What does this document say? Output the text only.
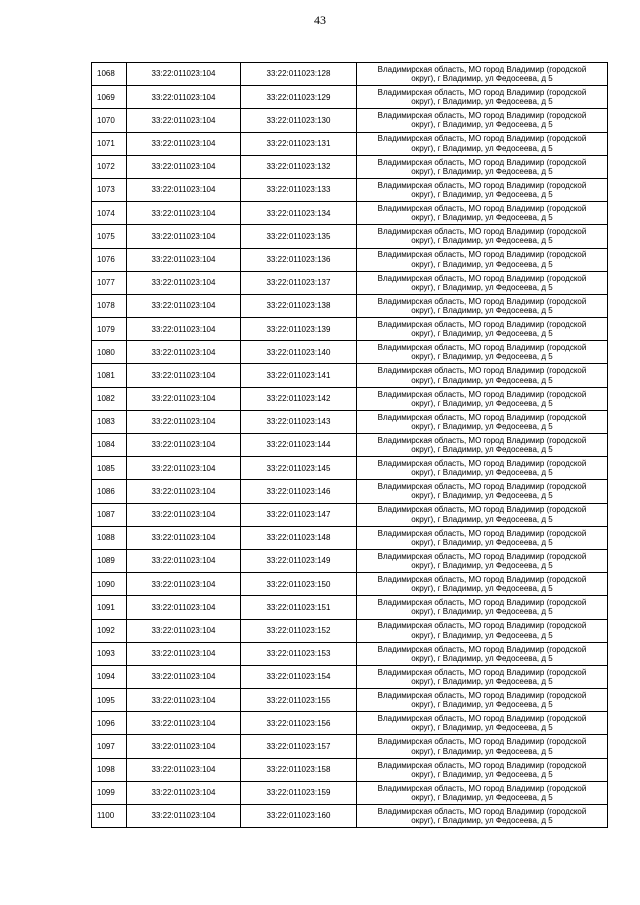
43
1068	33:22:011023:104	33:22:011023:128	Владимирская область, МО город Владимир (городской
округ), г Владимир, ул Федосеева, д 5

1069	33:22:011023:104	33:22:011023:129	Владимирская область, МО город Владимир (городской
округ), г Владимир, ул Федосеева, д 5

1070	33:22:011023:104	33:22:011023:130	Владимирская область, МО город Владимир (городской
округ), г Владимир, ул Федосеева, д 5

1071	33:22:011023:104	33:22:011023:131	Владимирская область, МО город Владимир (городской
округ), г Владимир, ул Федосеева, д 5

1072	33:22:011023:104	33:22:011023:132	Владимирская область, МО город Владимир (городской
округ), г Владимир, ул Федосеева, д 5

1073	33:22:011023:104	33:22:011023:133	Владимирская область, МО город Владимир (городской
округ), г Владимир, ул Федосеева, д 5

1074	33:22:011023:104	33:22:011023:134	Владимирская область, МО город Владимир (городской
округ), г Владимир, ул Федосеева, д 5

1075	33:22:011023:104	33:22:011023:135	Владимирская область, МО город Владимир (городской
округ), г Владимир, ул Федосеева, д 5

1076	33:22:011023:104	33:22:011023:136	Владимирская область, МО город Владимир (городской
округ), г Владимир, ул Федосеева, д 5

1077	33:22:011023:104	33:22:011023:137	Владимирская область, МО город Владимир (городской
округ), г Владимир, ул Федосеева, д 5

1078	33:22:011023:104	33:22:011023:138	Владимирская область, МО город Владимир (городской
округ), г Владимир, ул Федосеева, д 5

1079	33:22:011023:104	33:22:011023:139	Владимирская область, МО город Владимир (городской
округ), г Владимир, ул Федосеева, д 5

1080	33:22:011023:104	33:22:011023:140	Владимирская область, МО город Владимир (городской
округ), г Владимир, ул Федосеева, д 5

1081	33:22:011023:104	33:22:011023:141	Владимирская область, МО город Владимир (городской
округ), г Владимир, ул Федосеева, д 5

1082	33:22:011023:104	33:22:011023:142	Владимирская область, МО город Владимир (городской
округ), г Владимир, ул Федосеева, д 5

1083	33:22:011023:104	33:22:011023:143	Владимирская область, МО город Владимир (городской
округ), г Владимир, ул Федосеева, д 5

1084	33:22:011023:104	33:22:011023:144	Владимирская область, МО город Владимир (городской
округ), г Владимир, ул Федосеева, д 5

1085	33:22:011023:104	33:22:011023:145	Владимирская область, МО город Владимир (городской
округ), г Владимир, ул Федосеева, д 5

1086	33:22:011023:104	33:22:011023:146	Владимирская область, МО город Владимир (городской
округ), г Владимир, ул Федосеева, д 5

1087	33:22:011023:104	33:22:011023:147	Владимирская область, МО город Владимир (городской
округ), г Владимир, ул Федосеева, д 5

1088	33:22:011023:104	33:22:011023:148	Владимирская область, МО город Владимир (городской
округ), г Владимир, ул Федосеева, д 5

1089	33:22:011023:104	33:22:011023:149	Владимирская область, МО город Владимир (городской
округ), г Владимир, ул Федосеева, д 5

1090	33:22:011023:104	33:22:011023:150	Владимирская область, МО город Владимир (городской
округ), г Владимир, ул Федосеева, д 5

1091	33:22:011023:104	33:22:011023:151	Владимирская область, МО город Владимир (городской
округ), г Владимир, ул Федосеева, д 5

1092	33:22:011023:104	33:22:011023:152	Владимирская область, МО город Владимир (городской
округ), г Владимир, ул Федосеева, д 5

1093	33:22:011023:104	33:22:011023:153	Владимирская область, МО город Владимир (городской
округ), г Владимир, ул Федосеева, д 5

1094	33:22:011023:104	33:22:011023:154	Владимирская область, МО город Владимир (городской
округ), г Владимир, ул Федосеева, д 5

1095	33:22:011023:104	33:22:011023:155	Владимирская область, МО город Владимир (городской
округ), г Владимир, ул Федосеева, д 5

1096	33:22:011023:104	33:22:011023:156	Владимирская область, МО город Владимир (городской
округ), г Владимир, ул Федосеева, д 5

1097	33:22:011023:104	33:22:011023:157	Владимирская область, МО город Владимир (городской
округ), г Владимир, ул Федосеева, д 5

1098	33:22:011023:104	33:22:011023:158	Владимирская область, МО город Владимир (городской
округ), г Владимир, ул Федосеева, д 5

1099	33:22:011023:104	33:22:011023:159	Владимирская область, МО город Владимир (городской
округ), г Владимир, ул Федосеева, д 5

1100	33:22:011023:104	33:22:011023:160	Владимирская область, МО город Владимир (городской
округ), г Владимир, ул Федосеева, д 5
